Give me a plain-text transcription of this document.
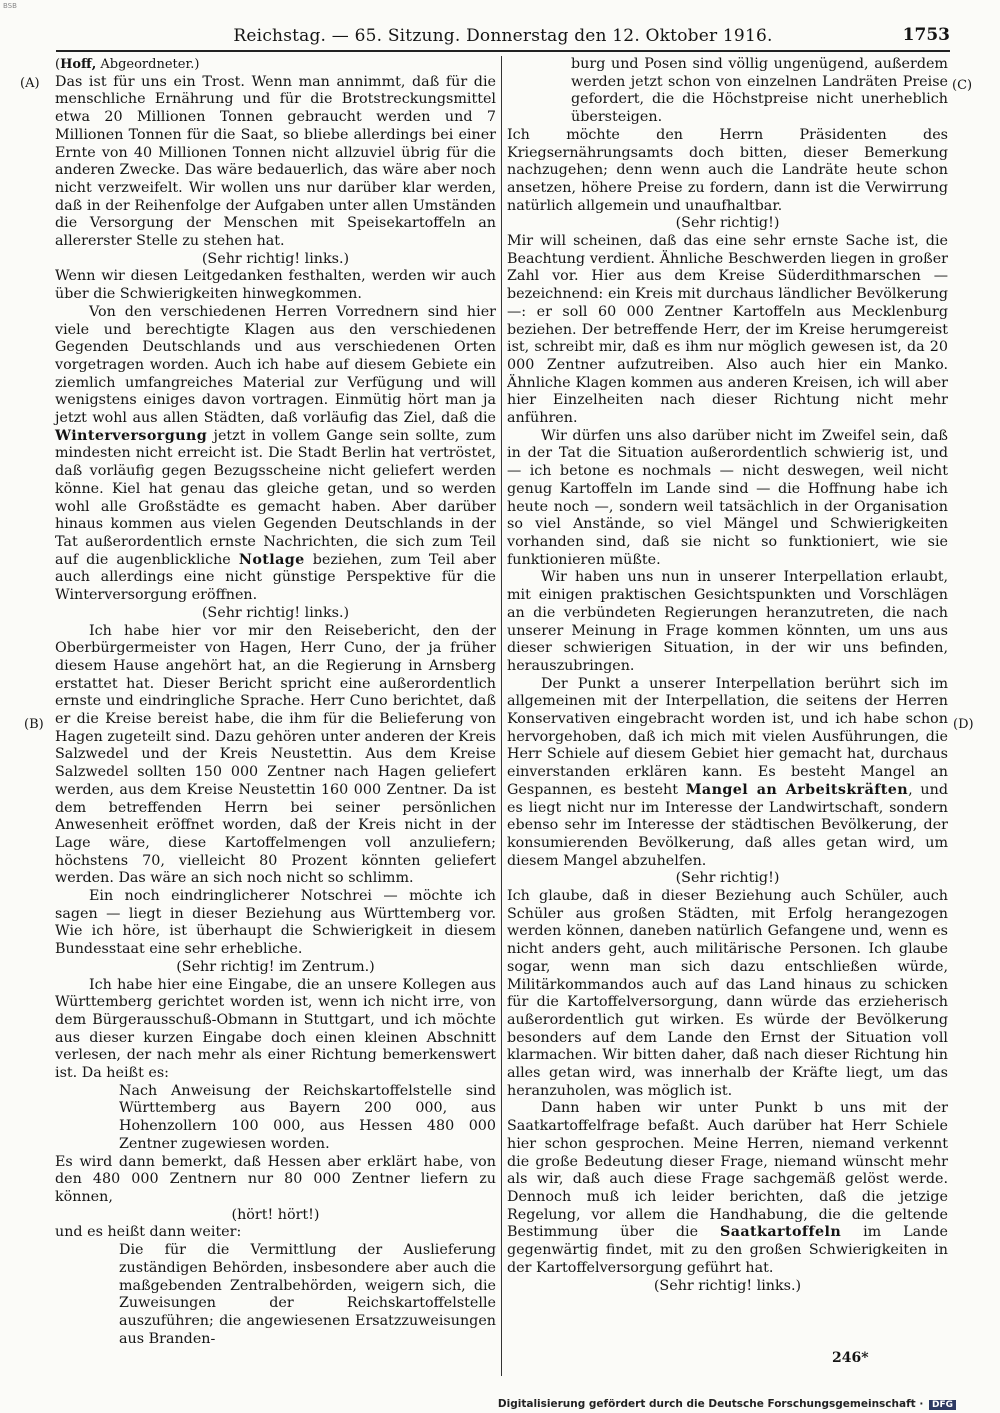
BSB
Reichstag. — 65. Sitzung. Donnerstag den 12. Oktober 1916.	1753
(A)
(B)
(C)
(D)

(Hoff, Abgeordneter.)

Das ist für uns ein Trost. Wenn man annimmt, daß für die menschliche Ernährung und für die Brotstreckungsmittel etwa 20 Millionen Tonnen gebraucht werden und 7 Millionen Tonnen für die Saat, so bliebe allerdings bei einer Ernte von 40 Millionen Tonnen nicht allzuviel übrig für die anderen Zwecke. Das wäre bedauerlich, das wäre aber noch nicht verzweifelt. Wir wollen uns nur darüber klar werden, daß in der Reihenfolge der Aufgaben unter allen Umständen die Versorgung der Menschen mit Speisekartoffeln an allererster Stelle zu stehen hat.

(Sehr richtig! links.)

Wenn wir diesen Leitgedanken festhalten, werden wir auch über die Schwierigkeiten hinwegkommen.

Von den verschiedenen Herren Vorrednern sind hier viele und berechtigte Klagen aus den verschiedenen Gegenden Deutschlands und aus verschiedenen Orten vorgetragen worden. Auch ich habe auf diesem Gebiete ein ziemlich umfangreiches Material zur Verfügung und will wenigstens einiges davon vortragen. Einmütig hört man ja jetzt wohl aus allen Städten, daß vorläufig das Ziel, daß die Winterversorgung jetzt in vollem Gange sein sollte, zum mindesten nicht erreicht ist. Die Stadt Berlin hat vertröstet, daß vorläufig gegen Bezugsscheine nicht geliefert werden könne. Kiel hat genau das gleiche getan, und so werden wohl alle Großstädte es gemacht haben. Aber darüber hinaus kommen aus vielen Gegenden Deutschlands in der Tat außerordentlich ernste Nachrichten, die sich zum Teil auf die augenblickliche Notlage beziehen, zum Teil aber auch allerdings eine nicht günstige Perspektive für die Winterversorgung eröffnen.

(Sehr richtig! links.)

Ich habe hier vor mir den Reisebericht, den der Oberbürgermeister von Hagen, Herr Cuno, der ja früher diesem Hause angehört hat, an die Regierung in Arnsberg erstattet hat. Dieser Bericht spricht eine außerordentlich ernste und eindringliche Sprache. Herr Cuno berichtet, daß er die Kreise bereist habe, die ihm für die Belieferung von Hagen zugeteilt sind. Dazu gehören unter anderen der Kreis Salzwedel und der Kreis Neustettin. Aus dem Kreise Salzwedel sollten 150 000 Zentner nach Hagen geliefert werden, aus dem Kreise Neustettin 160 000 Zentner. Da ist dem betreffenden Herrn bei seiner persönlichen Anwesenheit eröffnet worden, daß der Kreis nicht in der Lage wäre, diese Kartoffelmengen voll anzuliefern; höchstens 70, vielleicht 80 Prozent könnten geliefert werden. Das wäre an sich noch nicht so schlimm.

Ein noch eindringlicherer Notschrei — möchte ich sagen — liegt in dieser Beziehung aus Württemberg vor. Wie ich höre, ist überhaupt die Schwierigkeit in diesem Bundesstaat eine sehr erhebliche.

(Sehr richtig! im Zentrum.)

Ich habe hier eine Eingabe, die an unsere Kollegen aus Württemberg gerichtet worden ist, wenn ich nicht irre, von dem Bürgerausschuß-Obmann in Stuttgart, und ich möchte aus dieser kurzen Eingabe doch einen kleinen Abschnitt verlesen, der nach mehr als einer Richtung bemerkenswert ist. Da heißt es:

Nach Anweisung der Reichskartoffelstelle sind Württemberg aus Bayern 200 000, aus Hohenzollern 100 000, aus Hessen 480 000 Zentner zugewiesen worden.

Es wird dann bemerkt, daß Hessen aber erklärt habe, von den 480 000 Zentnern nur 80 000 Zentner liefern zu können,

(hört! hört!)

und es heißt dann weiter:

Die für die Vermittlung der Auslieferung zuständigen Behörden, insbesondere aber auch die maßgebenden Zentralbehörden, weigern sich, die Zuweisungen der Reichskartoffelstelle auszuführen; die angewiesenen Ersatzzuweisungen aus Branden-

burg und Posen sind völlig ungenügend, außerdem werden jetzt schon von einzelnen Landräten Preise gefordert, die die Höchstpreise nicht unerheblich übersteigen.

Ich möchte den Herrn Präsidenten des Kriegsernährungsamts doch bitten, dieser Bemerkung nachzugehen; denn wenn auch die Landräte heute schon ansetzen, höhere Preise zu fordern, dann ist die Verwirrung natürlich allgemein und unaufhaltbar.

(Sehr richtig!)

Mir will scheinen, daß das eine sehr ernste Sache ist, die Beachtung verdient. Ähnliche Beschwerden liegen in großer Zahl vor. Hier aus dem Kreise Süderdithmarschen — bezeichnend: ein Kreis mit durchaus ländlicher Bevölkerung —: er soll 60 000 Zentner Kartoffeln aus Mecklenburg beziehen. Der betreffende Herr, der im Kreise herumgereist ist, schreibt mir, daß es ihm nur möglich gewesen ist, da 20 000 Zentner aufzutreiben. Also auch hier ein Manko. Ähnliche Klagen kommen aus anderen Kreisen, ich will aber hier Einzelheiten nach dieser Richtung nicht mehr anführen.

Wir dürfen uns also darüber nicht im Zweifel sein, daß in der Tat die Situation außerordentlich schwierig ist, und — ich betone es nochmals — nicht deswegen, weil nicht genug Kartoffeln im Lande sind — die Hoffnung habe ich heute noch —, sondern weil tatsächlich in der Organisation so viel Anstände, so viel Mängel und Schwierigkeiten vorhanden sind, daß sie nicht so funktioniert, wie sie funktionieren müßte.

Wir haben uns nun in unserer Interpellation erlaubt, mit einigen praktischen Gesichtspunkten und Vorschlägen an die verbündeten Regierungen heranzutreten, die nach unserer Meinung in Frage kommen könnten, um uns aus dieser schwierigen Situation, in der wir uns befinden, herauszubringen.

Der Punkt a unserer Interpellation berührt sich im allgemeinen mit der Interpellation, die seitens der Herren Konservativen eingebracht worden ist, und ich habe schon hervorgehoben, daß ich mich mit vielen Ausführungen, die Herr Schiele auf diesem Gebiet hier gemacht hat, durchaus einverstanden erklären kann. Es besteht Mangel an Gespannen, es besteht Mangel an Arbeitskräften, und es liegt nicht nur im Interesse der Landwirtschaft, sondern ebenso sehr im Interesse der städtischen Bevölkerung, der konsumierenden Bevölkerung, daß alles getan wird, um diesem Mangel abzuhelfen.

(Sehr richtig!)

Ich glaube, daß in dieser Beziehung auch Schüler, auch Schüler aus großen Städten, mit Erfolg herangezogen werden können, daneben natürlich Gefangene und, wenn es nicht anders geht, auch militärische Personen. Ich glaube sogar, wenn man sich dazu entschließen würde, Militärkommandos auch auf das Land hinaus zu schicken für die Kartoffelversorgung, dann würde das erzieherisch außerordentlich gut wirken. Es würde der Bevölkerung besonders auf dem Lande den Ernst der Situation voll klarmachen. Wir bitten daher, daß nach dieser Richtung hin alles getan wird, was innerhalb der Kräfte liegt, um das heranzuholen, was möglich ist.

Dann haben wir unter Punkt b uns mit der Saatkartoffelfrage befaßt. Auch darüber hat Herr Schiele hier schon gesprochen. Meine Herren, niemand verkennt die große Bedeutung dieser Frage, niemand wünscht mehr als wir, daß auch diese Frage sachgemäß gelöst werde. Dennoch muß ich leider berichten, daß die jetzige Regelung, vor allem die Handhabung, die die geltende Bestimmung über die Saatkartoffeln im Lande gegenwärtig findet, mit zu den großen Schwierigkeiten in der Kartoffelversorgung geführt hat.

(Sehr richtig! links.)

246*
Digitalisierung gefördert durch die Deutsche Forschungsgemeinschaft · DFG
